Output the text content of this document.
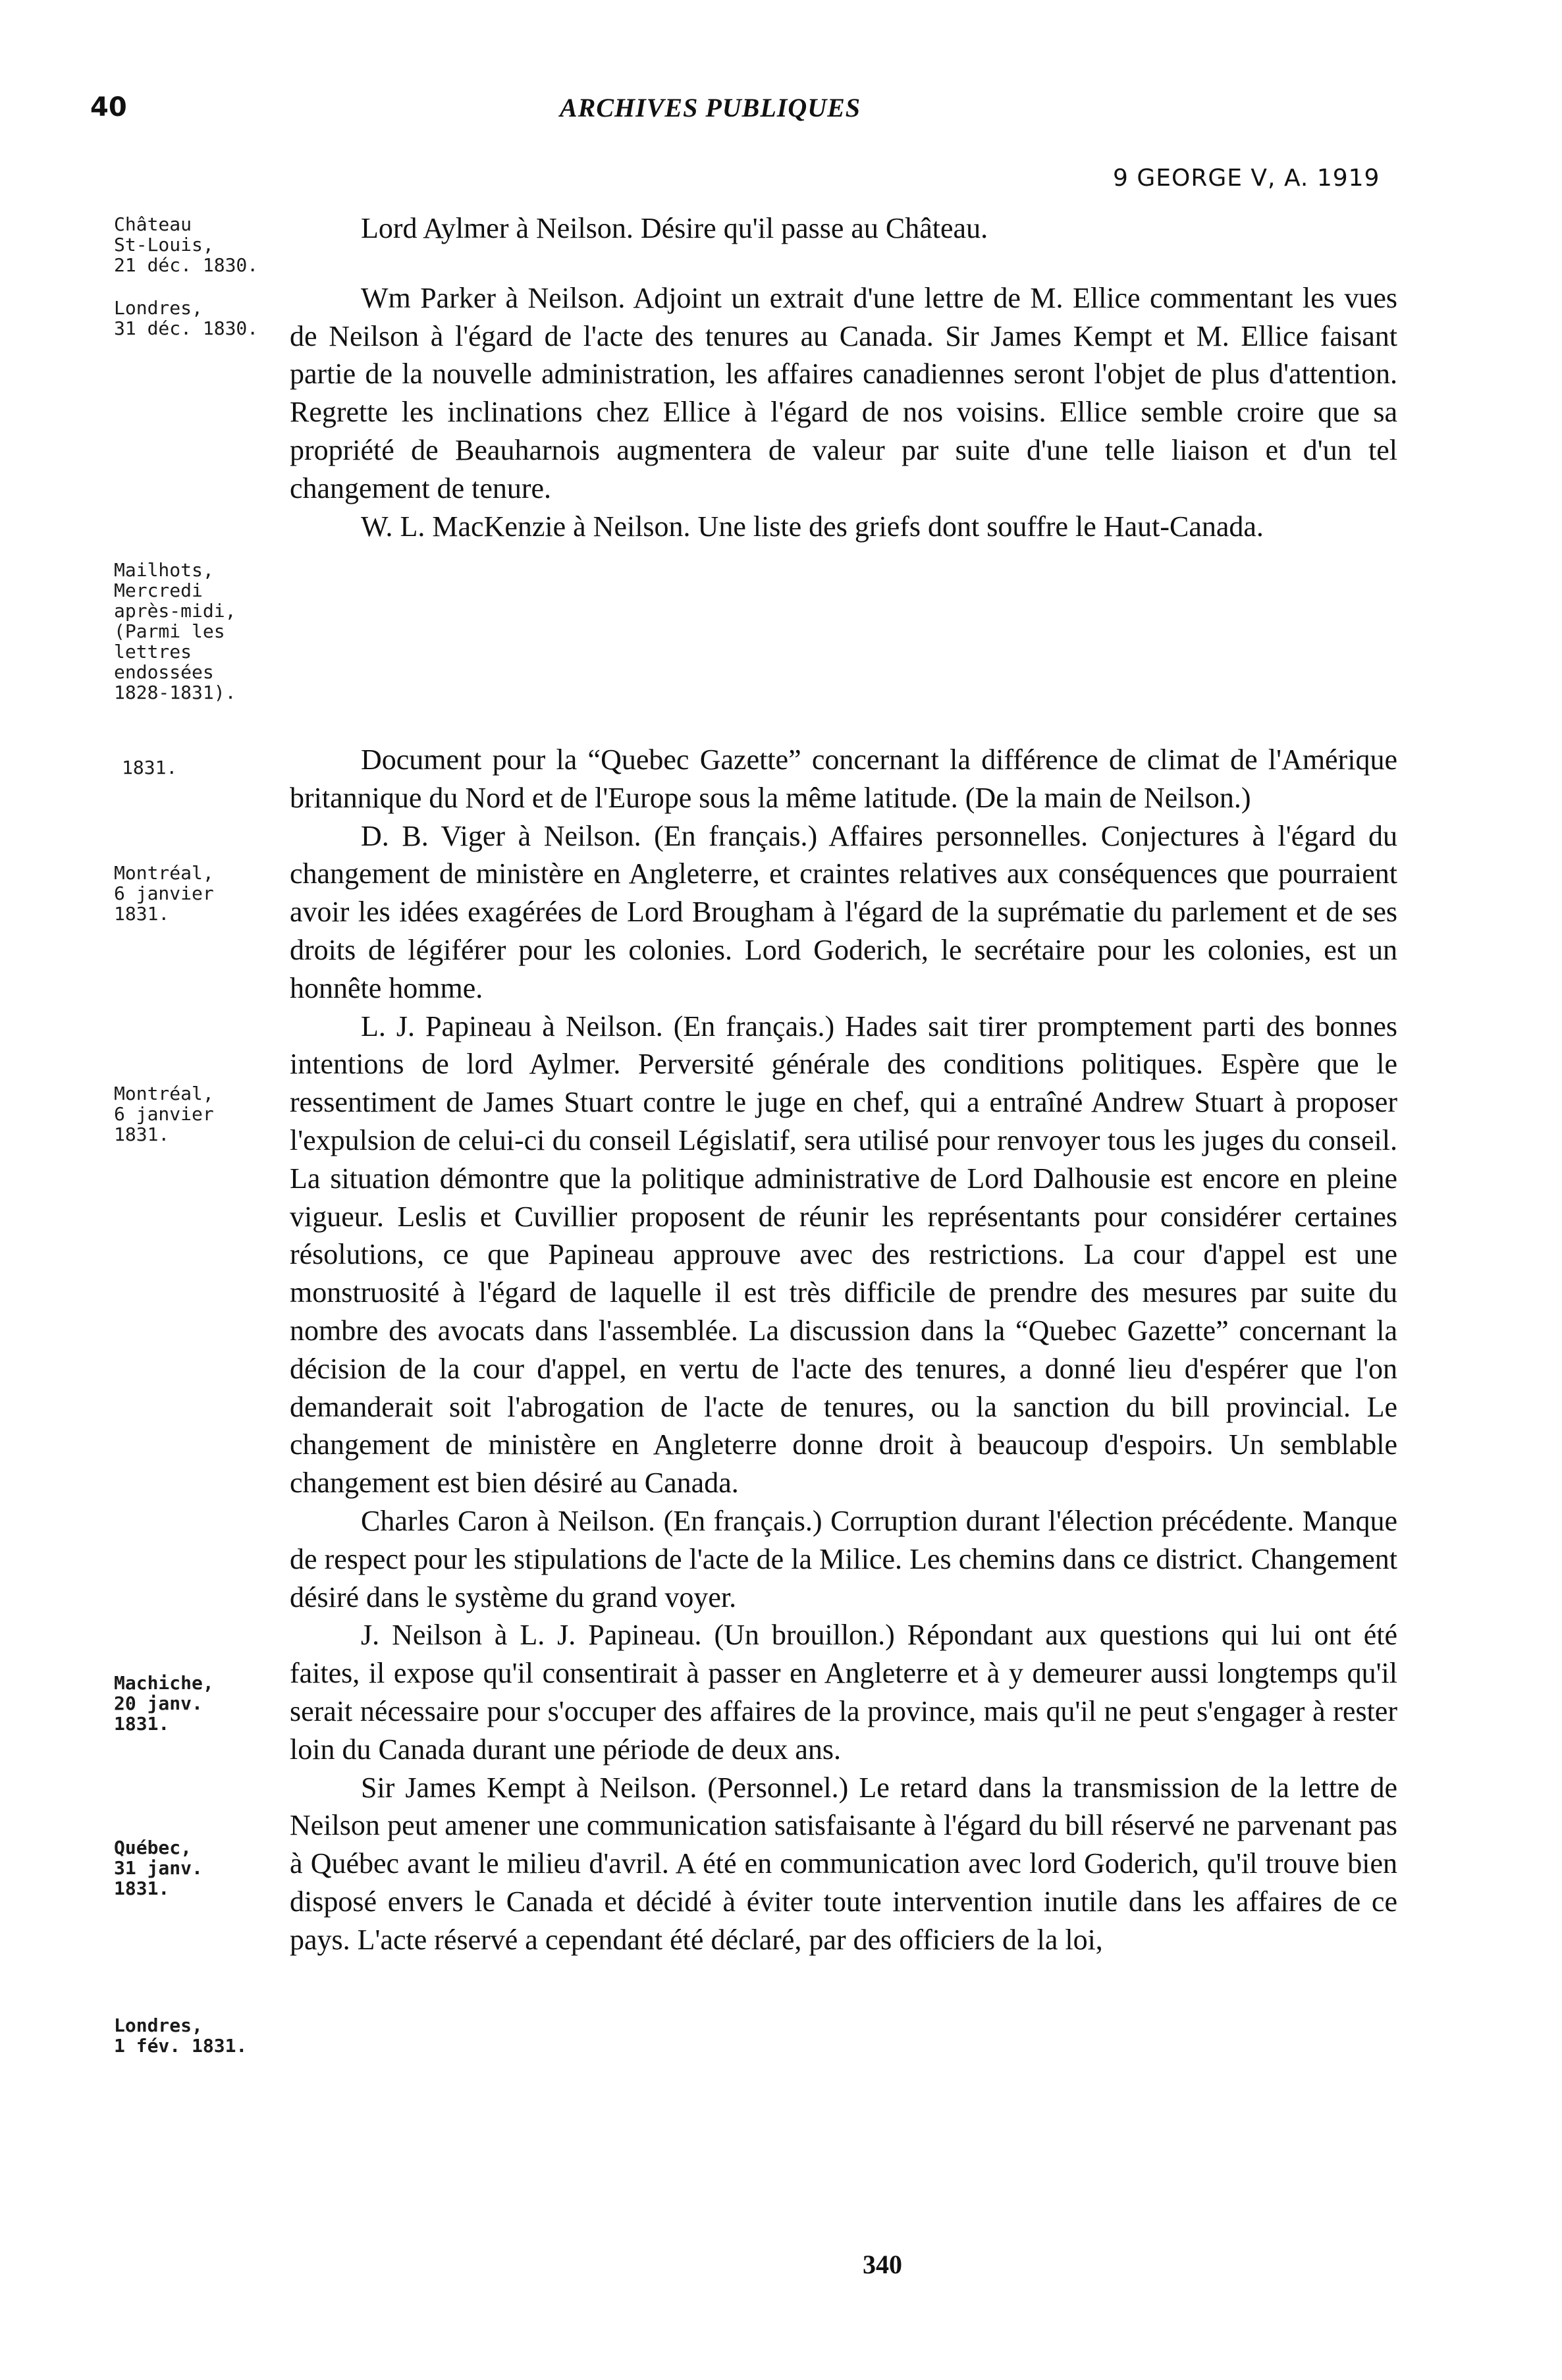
40	ARCHIVES PUBLIQUES
9 GEORGE V, A. 1919
Château
St-Louis,
21 déc. 1830.
Londres,
31 déc. 1830.
Mailhots,
Mercredi
après-midi,
(Parmi les
lettres
endossées
1828-1831).
1831.
Montréal,
6 janvier
1831.
Montréal,
6 janvier
1831.
Machiche,
20 janv.
1831.
Québec,
31 janv.
1831.
Londres,
1 fév. 1831.

Lord Aylmer à Neilson. Désire qu'il passe au Château.

Wm Parker à Neilson. Adjoint un extrait d'une lettre de M. Ellice commentant les vues de Neilson à l'égard de l'acte des tenures au Canada. Sir James Kempt et M. Ellice faisant partie de la nouvelle administration, les affaires canadiennes seront l'objet de plus d'attention. Regrette les inclinations chez Ellice à l'égard de nos voisins. Ellice semble croire que sa propriété de Beauharnois augmentera de valeur par suite d'une telle liaison et d'un tel changement de tenure.

W. L. MacKenzie à Neilson. Une liste des griefs dont souffre le Haut-Canada.

Document pour la “Quebec Gazette” concernant la différence de climat de l'Amérique britannique du Nord et de l'Europe sous la même latitude. (De la main de Neilson.)

D. B. Viger à Neilson. (En français.) Affaires personnelles. Conjectures à l'égard du changement de ministère en Angleterre, et craintes relatives aux conséquences que pourraient avoir les idées exagérées de Lord Brougham à l'égard de la suprématie du parlement et de ses droits de légiférer pour les colonies. Lord Goderich, le secrétaire pour les colonies, est un honnête homme.

L. J. Papineau à Neilson. (En français.) Hades sait tirer promptement parti des bonnes intentions de lord Aylmer. Perversité générale des conditions politiques. Espère que le ressentiment de James Stuart contre le juge en chef, qui a entraîné Andrew Stuart à proposer l'expulsion de celui-ci du conseil Législatif, sera utilisé pour renvoyer tous les juges du conseil. La situation démontre que la politique administrative de Lord Dalhousie est encore en pleine vigueur. Leslis et Cuvillier proposent de réunir les représentants pour considérer certaines résolutions, ce que Papineau approuve avec des restrictions. La cour d'appel est une monstruosité à l'égard de laquelle il est très difficile de prendre des mesures par suite du nombre des avocats dans l'assemblée. La discussion dans la “Quebec Gazette” concernant la décision de la cour d'appel, en vertu de l'acte des tenures, a donné lieu d'espérer que l'on demanderait soit l'abrogation de l'acte de tenures, ou la sanction du bill provincial. Le changement de ministère en Angleterre donne droit à beaucoup d'espoirs. Un semblable changement est bien désiré au Canada.

Charles Caron à Neilson. (En français.) Corruption durant l'élection précédente. Manque de respect pour les stipulations de l'acte de la Milice. Les chemins dans ce district. Changement désiré dans le système du grand voyer.

J. Neilson à L. J. Papineau. (Un brouillon.) Répondant aux questions qui lui ont été faites, il expose qu'il consentirait à passer en Angleterre et à y demeurer aussi longtemps qu'il serait nécessaire pour s'occuper des affaires de la province, mais qu'il ne peut s'engager à rester loin du Canada durant une période de deux ans.

Sir James Kempt à Neilson. (Personnel.) Le retard dans la transmission de la lettre de Neilson peut amener une communication satisfaisante à l'égard du bill réservé ne parvenant pas à Québec avant le milieu d'avril. A été en communication avec lord Goderich, qu'il trouve bien disposé envers le Canada et décidé à éviter toute intervention inutile dans les affaires de ce pays. L'acte réservé a cependant été déclaré, par des officiers de la loi,

340
